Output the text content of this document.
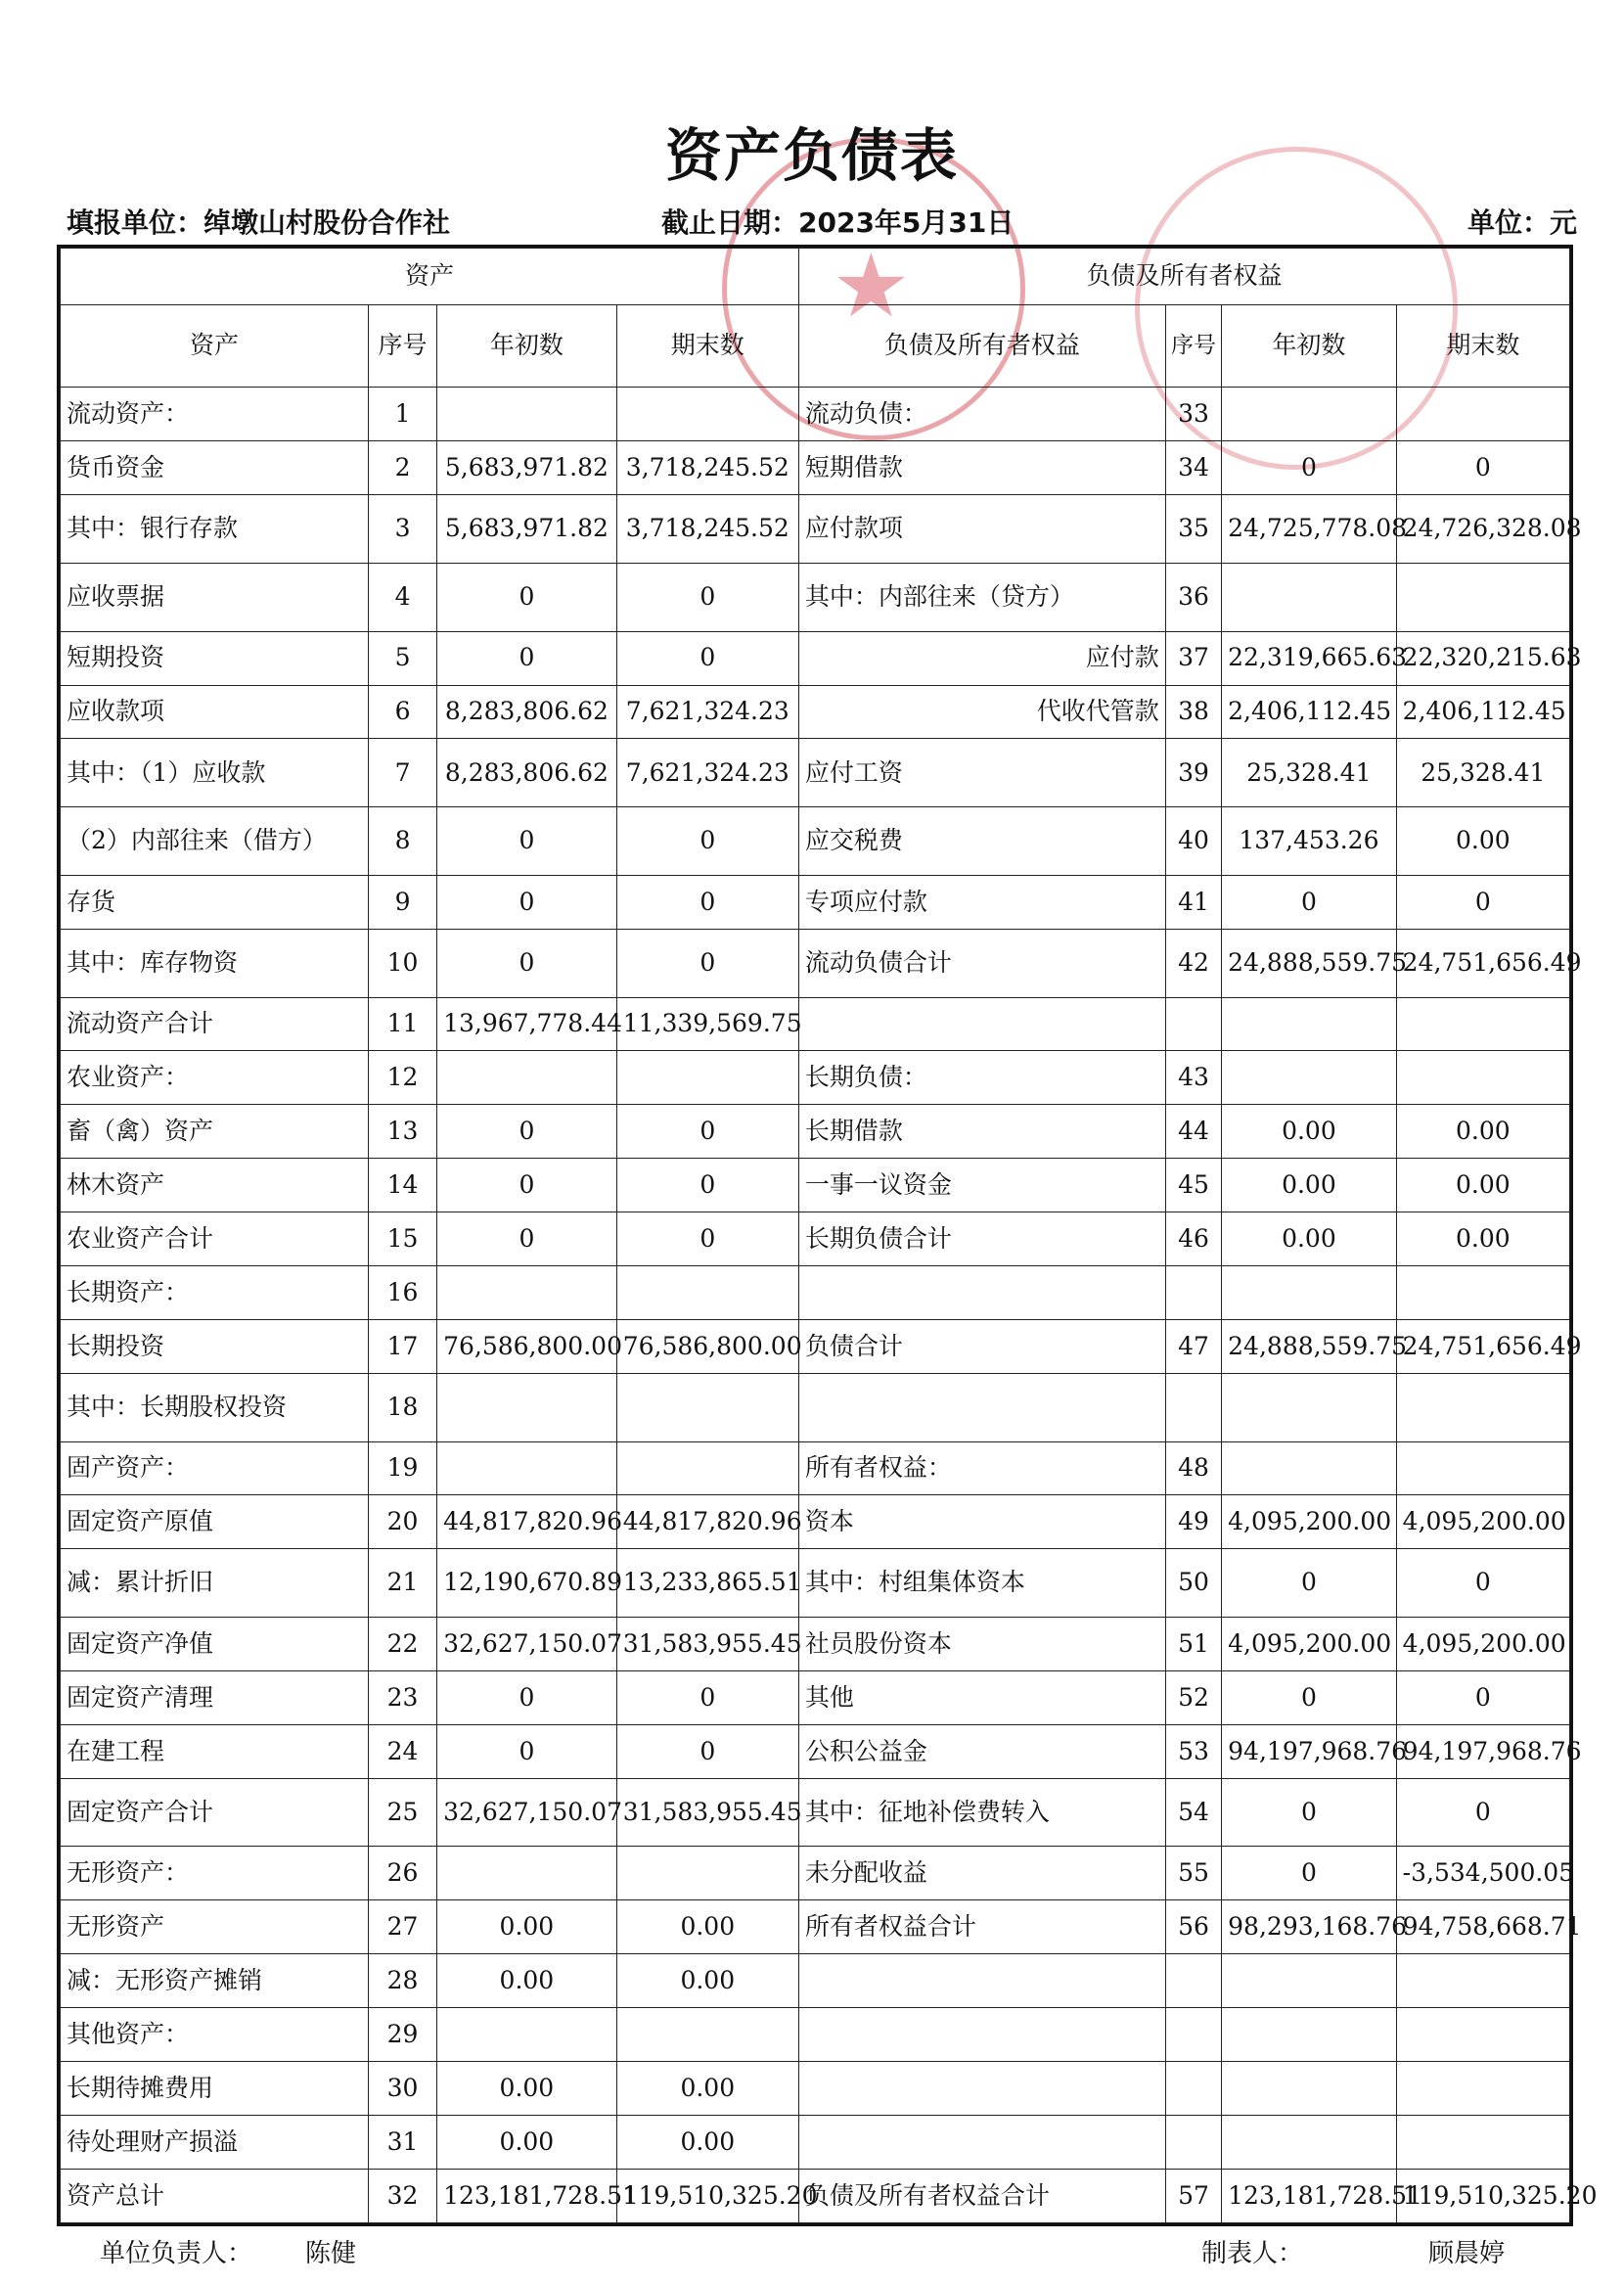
★
资产负债表
填报单位：绰墩山村股份合作社	截止日期：2023年5月31日	单位：元
资产				负债及所有者权益			
资产	序号	年初数	期末数	负债及所有者权益	序号	年初数	期末数
流动资产：	1			流动负债：	33		
货币资金	2	5,683,971.82	3,718,245.52	短期借款	34	0	0
其中：银行存款	3	5,683,971.82	3,718,245.52	应付款项	35	24,725,778.08	24,726,328.08
应收票据	4	0	0	其中：内部往来（贷方）	36		
短期投资	5	0	0	应付款	37	22,319,665.63	22,320,215.63
应收款项	6	8,283,806.62	7,621,324.23	代收代管款	38	2,406,112.45	2,406,112.45
其中：（1）应收款	7	8,283,806.62	7,621,324.23	应付工资	39	25,328.41	25,328.41
（2）内部往来（借方）	8	0	0	应交税费	40	137,453.26	0.00
存货	9	0	0	专项应付款	41	0	0
其中：库存物资	10	0	0	流动负债合计	42	24,888,559.75	24,751,656.49
流动资产合计	11	13,967,778.44	11,339,569.75				
农业资产：	12			长期负债：	43		
畜（禽）资产	13	0	0	长期借款	44	0.00	0.00
林木资产	14	0	0	一事一议资金	45	0.00	0.00
农业资产合计	15	0	0	长期负债合计	46	0.00	0.00
长期资产：	16						
长期投资	17	76,586,800.00	76,586,800.00	负债合计	47	24,888,559.75	24,751,656.49
其中：长期股权投资	18						
固产资产：	19			所有者权益：	48		
固定资产原值	20	44,817,820.96	44,817,820.96	资本	49	4,095,200.00	4,095,200.00
减：累计折旧	21	12,190,670.89	13,233,865.51	其中：村组集体资本	50	0	0
固定资产净值	22	32,627,150.07	31,583,955.45	社员股份资本	51	4,095,200.00	4,095,200.00
固定资产清理	23	0	0	其他	52	0	0
在建工程	24	0	0	公积公益金	53	94,197,968.76	94,197,968.76
固定资产合计	25	32,627,150.07	31,583,955.45	其中：征地补偿费转入	54	0	0
无形资产：	26			未分配收益	55	0	-3,534,500.05
无形资产	27	0.00	0.00	所有者权益合计	56	98,293,168.76	94,758,668.71
减：无形资产摊销	28	0.00	0.00				
其他资产：	29						
长期待摊费用	30	0.00	0.00				
待处理财产损溢	31	0.00	0.00				
资产总计	32	123,181,728.51	119,510,325.20	负债及所有者权益合计	57	123,181,728.51	119,510,325.20
单位负责人： 陈健	制表人：	顾晨婷
